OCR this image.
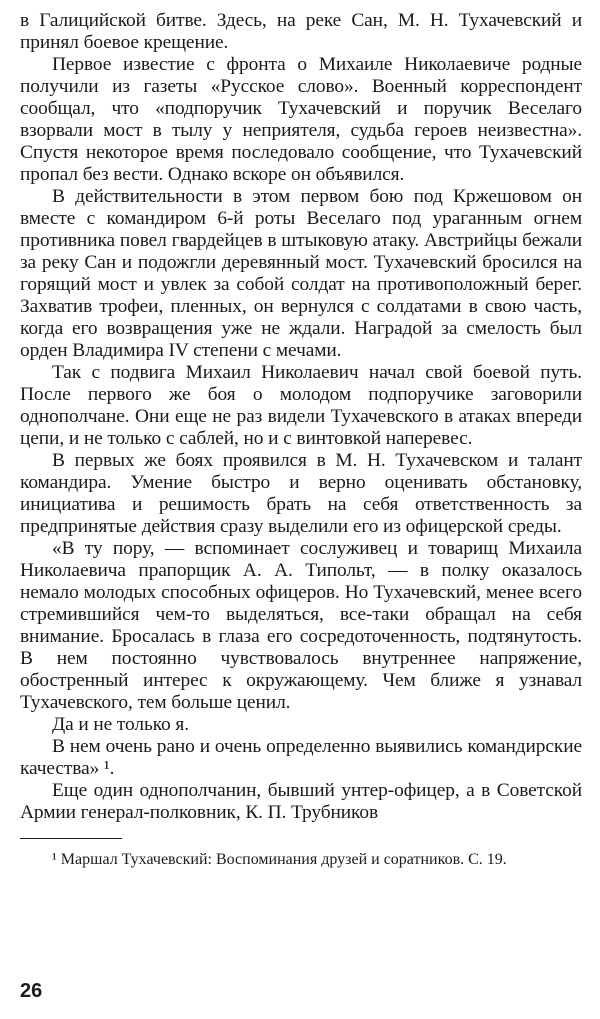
в Галицийской битве. Здесь, на реке Сан, М. Н. Тухачевский и принял боевое крещение.

Первое известие с фронта о Михаиле Николаевиче родные получили из газеты «Русское слово». Военный корреспондент сообщал, что «подпоручик Тухачевский и поручик Веселаго взорвали мост в тылу у неприятеля, судьба героев неизвестна». Спустя некоторое время последовало сообщение, что Тухачевский пропал без вести. Однако вскоре он объявился.

В действительности в этом первом бою под Кржешовом он вместе с командиром 6-й роты Веселаго под ураганным огнем противника повел гвардейцев в штыковую атаку. Австрийцы бежали за реку Сан и подожгли деревянный мост. Тухачевский бросился на горящий мост и увлек за собой солдат на противоположный берег. Захватив трофеи, пленных, он вернулся с солдатами в свою часть, когда его возвращения уже не ждали. Наградой за смелость был орден Владимира IV степени с мечами.

Так с подвига Михаил Николаевич начал свой боевой путь. После первого же боя о молодом подпоручике заговорили однополчане. Они еще не раз видели Тухачевского в атаках впереди цепи, и не только с саблей, но и с винтовкой наперевес.

В первых же боях проявился в М. Н. Тухачевском и талант командира. Умение быстро и верно оценивать обстановку, инициатива и решимость брать на себя ответственность за предпринятые действия сразу выделили его из офицерской среды.

«В ту пору, — вспоминает сослуживец и товарищ Михаила Николаевича прапорщик А. А. Типольт, — в полку оказалось немало молодых способных офицеров. Но Тухачевский, менее всего стремившийся чем-то выделяться, все-таки обращал на себя внимание. Бросалась в глаза его сосредоточенность, подтянутость. В нем постоянно чувствовалось внутреннее напряжение, обостренный интерес к окружающему. Чем ближе я узнавал Тухачевского, тем больше ценил.

Да и не только я.

В нем очень рано и очень определенно выявились командирские качества» ¹.

Еще один однополчанин, бывший унтер-офицер, а в Советской Армии генерал-полковник, К. П. Трубников

¹ Маршал Тухачевский: Воспоминания друзей и соратников. С. 19.

26
